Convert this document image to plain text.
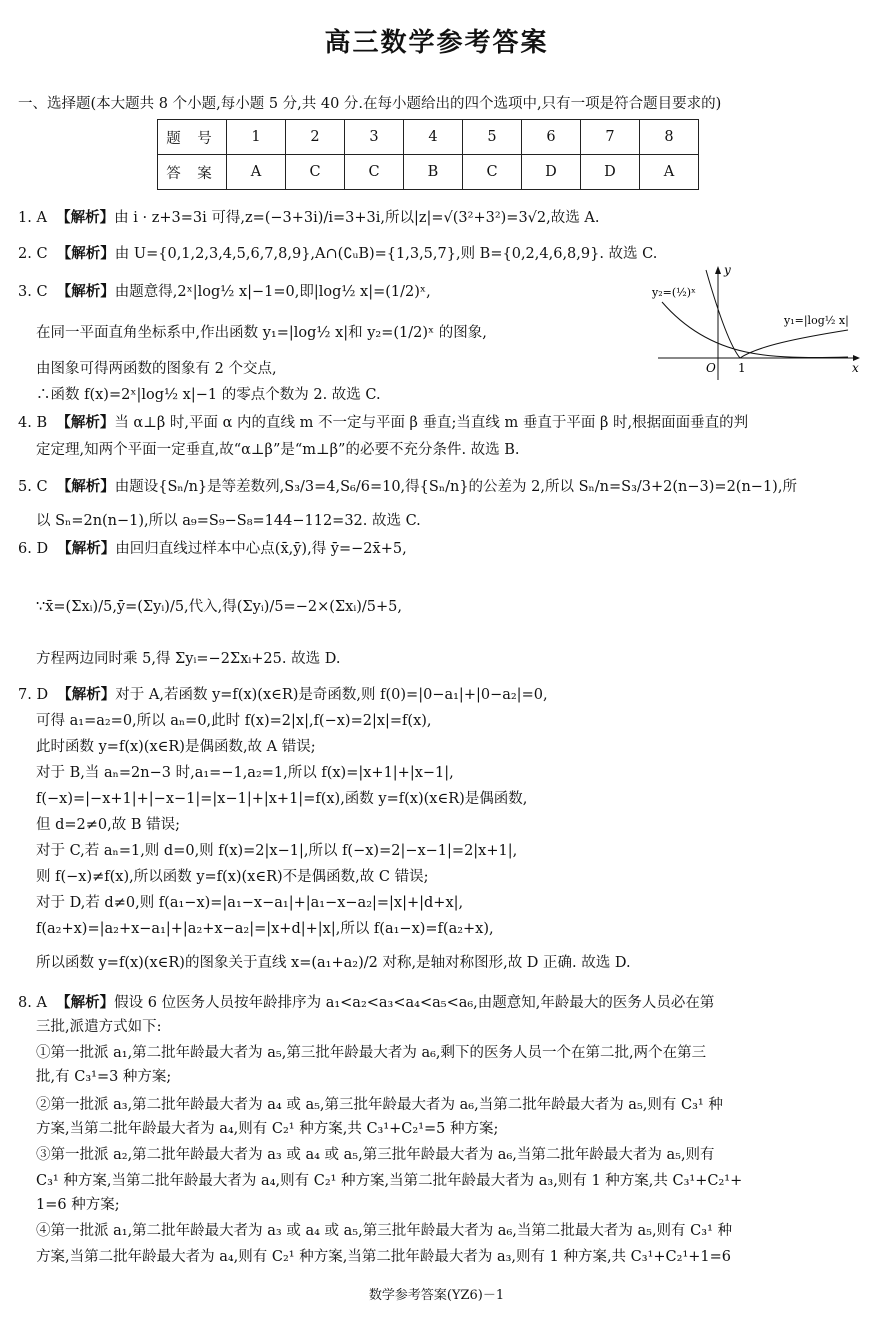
高三数学参考答案
一、选择题(本大题共 8 个小题,每小题 5 分,共 40 分.在每小题给出的四个选项中,只有一项是符合题目要求的)
题 号	1	2	3	4	5	6	7	8
答 案	A	C	C	B	C	D	D	A
1. A 【解析】由 i · z+3=3i 可得,z=(−3+3i)/i=3+3i,所以|z|=√(3²+3²)=3√2,故选 A.
2. C 【解析】由 U={0,1,2,3,4,5,6,7,8,9},A∩(∁ᵤB)={1,3,5,7},则 B={0,2,4,6,8,9}. 故选 C.
3. C 【解析】由题意得,2ˣ|log½ x|−1=0,即|log½ x|=(1/2)ˣ,
在同一平面直角坐标系中,作出函数 y₁=|log½ x|和 y₂=(1/2)ˣ 的图象,
由图象可得两函数的图象有 2 个交点,
∴函数 f(x)=2ˣ|log½ x|−1 的零点个数为 2. 故选 C.
y₂=(½)ˣ
y₁=|log½ x|
O 1	x
y
4. B 【解析】当 α⊥β 时,平面 α 内的直线 m 不一定与平面 β 垂直;当直线 m 垂直于平面 β 时,根据面面垂直的判
定定理,知两个平面一定垂直,故“α⊥β”是“m⊥β”的必要不充分条件. 故选 B.
5. C 【解析】由题设{Sₙ/n}是等差数列,S₃/3=4,S₆/6=10,得{Sₙ/n}的公差为 2,所以 Sₙ/n=S₃/3+2(n−3)=2(n−1),所
以 Sₙ=2n(n−1),所以 a₉=S₉−S₈=144−112=32. 故选 C.
6. D 【解析】由回归直线过样本中心点(x̄,ȳ),得 ȳ=−2x̄+5,
∵x̄=(Σxᵢ)/5,ȳ=(Σyᵢ)/5,代入,得(Σyᵢ)/5=−2×(Σxᵢ)/5+5,
方程两边同时乘 5,得 Σyᵢ=−2Σxᵢ+25. 故选 D.
7. D 【解析】对于 A,若函数 y=f(x)(x∈R)是奇函数,则 f(0)=|0−a₁|+|0−a₂|=0,
可得 a₁=a₂=0,所以 aₙ=0,此时 f(x)=2|x|,f(−x)=2|x|=f(x),
此时函数 y=f(x)(x∈R)是偶函数,故 A 错误;
对于 B,当 aₙ=2n−3 时,a₁=−1,a₂=1,所以 f(x)=|x+1|+|x−1|,
f(−x)=|−x+1|+|−x−1|=|x−1|+|x+1|=f(x),函数 y=f(x)(x∈R)是偶函数,
但 d=2≠0,故 B 错误;
对于 C,若 aₙ=1,则 d=0,则 f(x)=2|x−1|,所以 f(−x)=2|−x−1|=2|x+1|,
则 f(−x)≠f(x),所以函数 y=f(x)(x∈R)不是偶函数,故 C 错误;
对于 D,若 d≠0,则 f(a₁−x)=|a₁−x−a₁|+|a₁−x−a₂|=|x|+|d+x|,
f(a₂+x)=|a₂+x−a₁|+|a₂+x−a₂|=|x+d|+|x|,所以 f(a₁−x)=f(a₂+x),
所以函数 y=f(x)(x∈R)的图象关于直线 x=(a₁+a₂)/2 对称,是轴对称图形,故 D 正确. 故选 D.
8. A 【解析】假设 6 位医务人员按年龄排序为 a₁<a₂<a₃<a₄<a₅<a₆,由题意知,年龄最大的医务人员必在第
三批,派遣方式如下:
①第一批派 a₁,第二批年龄最大者为 a₅,第三批年龄最大者为 a₆,剩下的医务人员一个在第二批,两个在第三
批,有 C₃¹=3 种方案;
②第一批派 a₃,第二批年龄最大者为 a₄ 或 a₅,第三批年龄最大者为 a₆,当第二批年龄最大者为 a₅,则有 C₃¹ 种
方案,当第二批年龄最大者为 a₄,则有 C₂¹ 种方案,共 C₃¹+C₂¹=5 种方案;
③第一批派 a₂,第二批年龄最大者为 a₃ 或 a₄ 或 a₅,第三批年龄最大者为 a₆,当第二批年龄最大者为 a₅,则有
C₃¹ 种方案,当第二批年龄最大者为 a₄,则有 C₂¹ 种方案,当第二批年龄最大者为 a₃,则有 1 种方案,共 C₃¹+C₂¹+
1=6 种方案;
④第一批派 a₁,第二批年龄最大者为 a₃ 或 a₄ 或 a₅,第三批年龄最大者为 a₆,当第二批最大者为 a₅,则有 C₃¹ 种
方案,当第二批年龄最大者为 a₄,则有 C₂¹ 种方案,当第二批年龄最大者为 a₃,则有 1 种方案,共 C₃¹+C₂¹+1=6
数学参考答案(YZ6)－1
